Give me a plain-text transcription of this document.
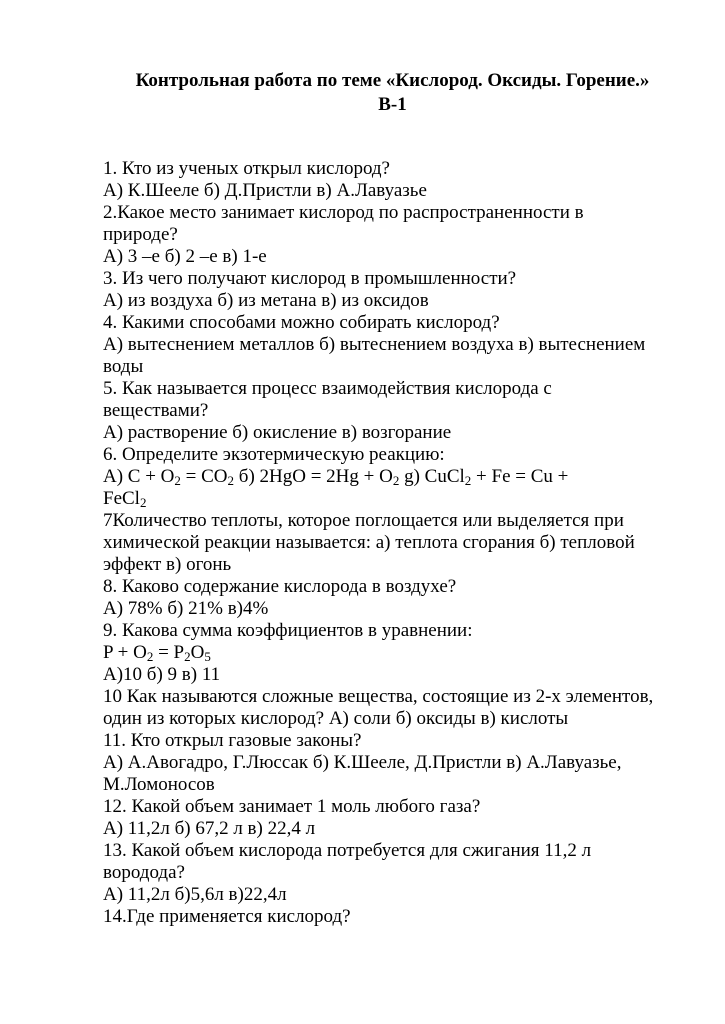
Контрольная работа по теме «Кислород. Оксиды. Горение.»
В-1
1. Кто из ученых открыл кислород?
А) К.Шееле б) Д.Пристли в) А.Лавуазье
2.Какое место занимает кислород по распространенности в
природе?
А) 3 –е б) 2 –е в) 1-е
3. Из чего получают кислород в промышленности?
А) из воздуха б) из метана в) из оксидов
4. Какими способами можно собирать кислород?
А) вытеснением металлов б) вытеснением воздуха в) вытеснением
воды
5. Как называется процесс взаимодействия кислорода с
веществами?
А) растворение б) окисление в) возгорание
6. Определите экзотермическую реакцию:
А) $С + O_2 = CO_2$ б) $2HgO = 2Hg + O_2$ g) CuCl$_2$ + Fe = Cu +
FeCl$_2$
7Количество теплоты, которое поглощается или выделяется при
химической реакции называется: а) теплота сгорания б) тепловой
эффект в) огонь
8. Каково содержание кислорода в воздухе?
А) 78% б) 21% в)4%
9. Какова сумма коэффициентов в уравнении:
$P + O_2 = P_2O_5$
А)10 б) 9 в) 11
10 Как называются сложные вещества, состоящие из 2-х элементов,
один из которых кислород? А) соли б) оксиды в) кислоты
11. Кто открыл газовые законы?
А) А.Авогадро, Г.Люссак б) К.Шееле, Д.Пристли в) А.Лавуазье,
М.Ломоносов
12. Какой объем занимает 1 моль любого газа?
А) 11,2л б) 67,2 л в) 22,4 л
13. Какой объем кислорода потребуется для сжигания 11,2 л
вородода?
А) 11,2л б)5,6л в)22,4л
14.Где применяется кислород?
